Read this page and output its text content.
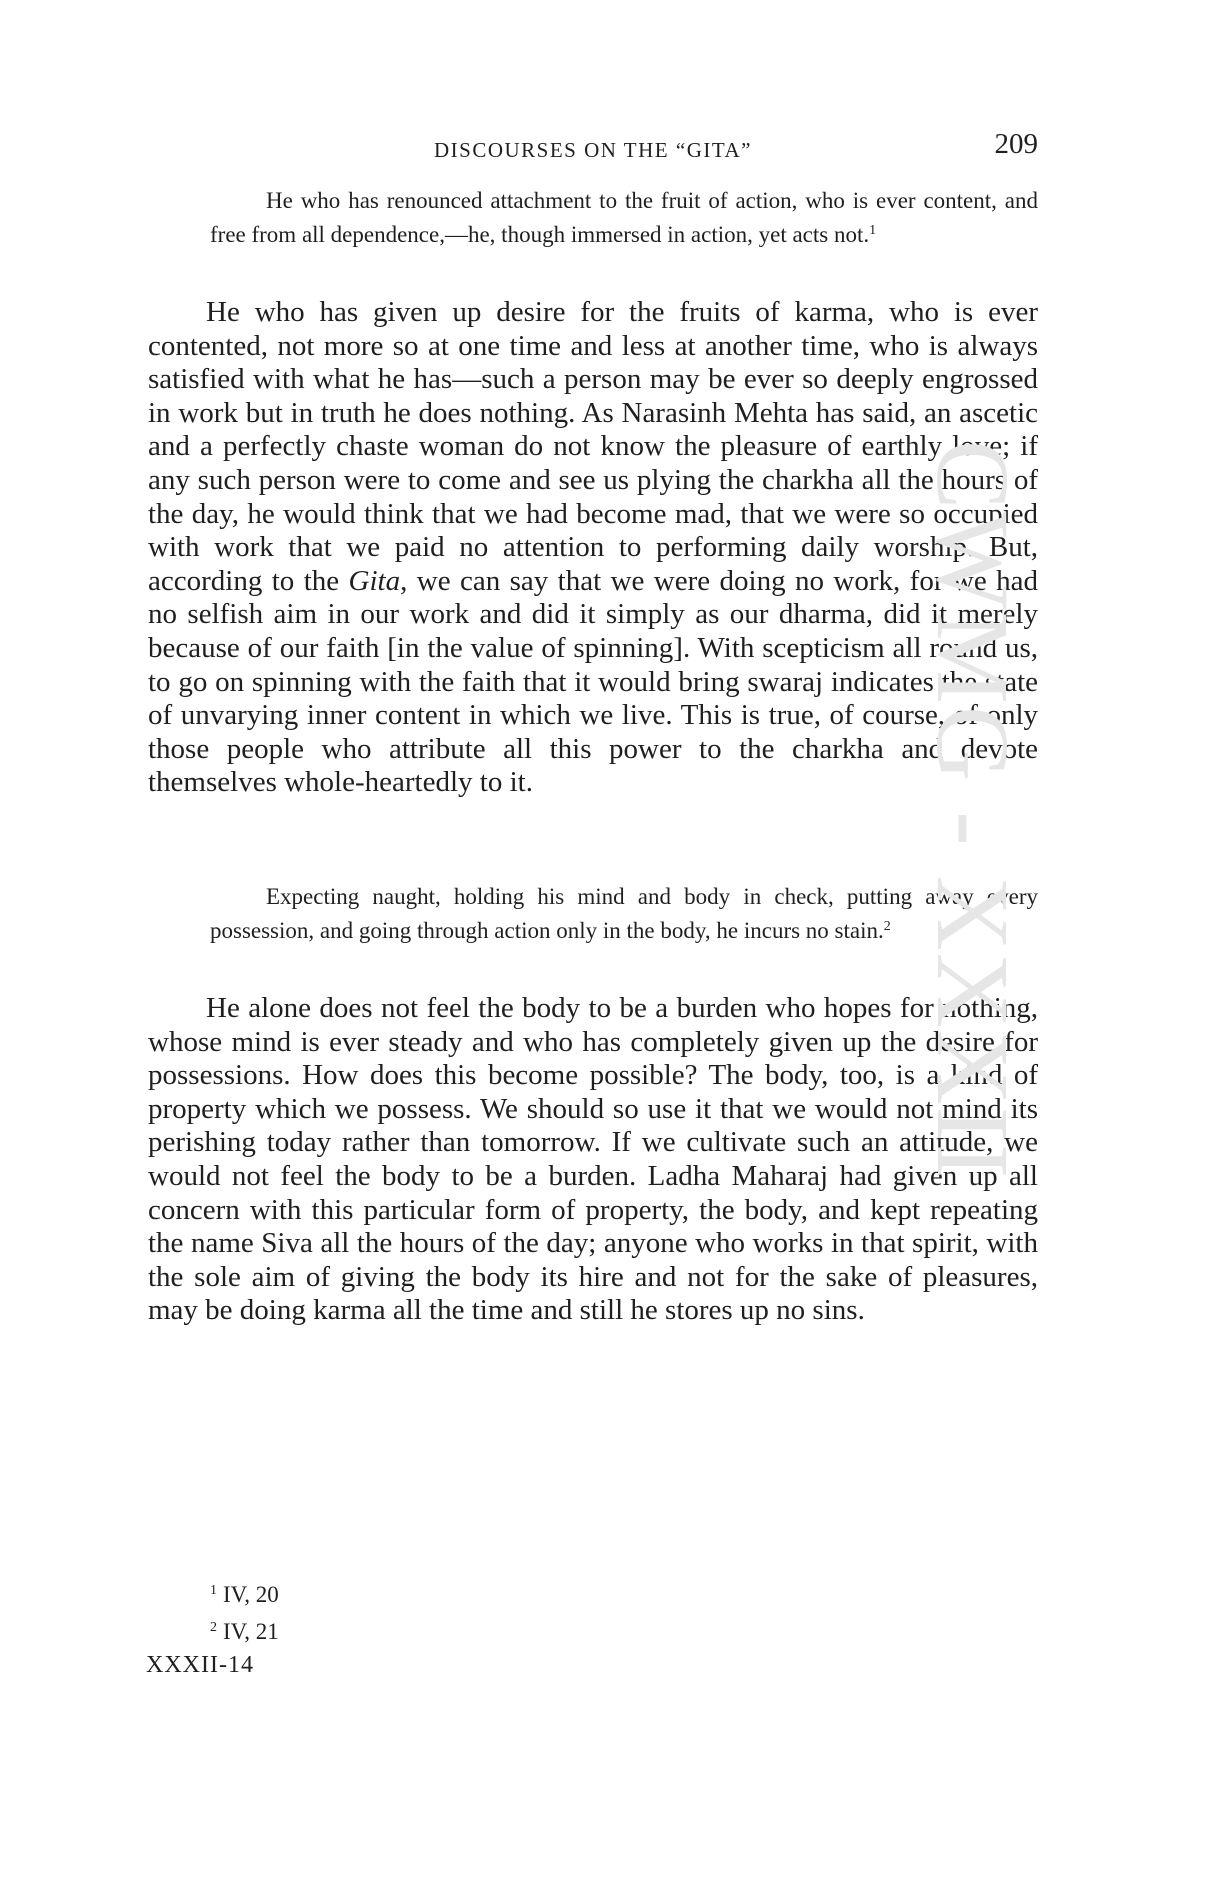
DISCOURSES ON THE “GITA”	209

He who has renounced attachment to the fruit of action, who is ever content, and free from all dependence,—he, though immersed in action, yet acts not.$^1$

He who has given up desire for the fruits of karma, who is ever contented, not more so at one time and less at another time, who is always satisfied with what he has—such a person may be ever so deeply engrossed in work but in truth he does nothing. As Narasinh Mehta has said, an ascetic and a perfectly chaste woman do not know the pleasure of earthly love; if any such person were to come and see us plying the charkha all the hours of the day, he would think that we had become mad, that we were so occupied with work that we paid no attention to performing daily worship. But, according to the Gita, we can say that we were doing no work, for we had no selfish aim in our work and did it simply as our dharma, did it merely because of our faith [in the value of spinning]. With scepticism all round us, to go on spinning with the faith that it would bring swaraj indicates the state of unvarying inner content in which we live. This is true, of course, of only those people who attribute all this power to the charkha and devote themselves whole-heartedly to it.

Expecting naught, holding his mind and body in check, putting away every possession, and going through action only in the body, he incurs no stain.$^2$

He alone does not feel the body to be a burden who hopes for nothing, whose mind is ever steady and who has completely given up the desire for possessions. How does this become possible? The body, too, is a kind of property which we possess. We should so use it that we would not mind its perishing today rather than tomorrow. If we cultivate such an attitude, we would not feel the body to be a burden. Ladha Maharaj had given up all concern with this particular form of property, the body, and kept repeating the name Siva all the hours of the day; anyone who works in that spirit, with the sole aim of giving the body its hire and not for the sake of pleasures, may be doing karma all the time and still he stores up no sins.

$^1$ IV, 20
$^2$ IV, 21
XXXII-14
CWMG - XXXII
